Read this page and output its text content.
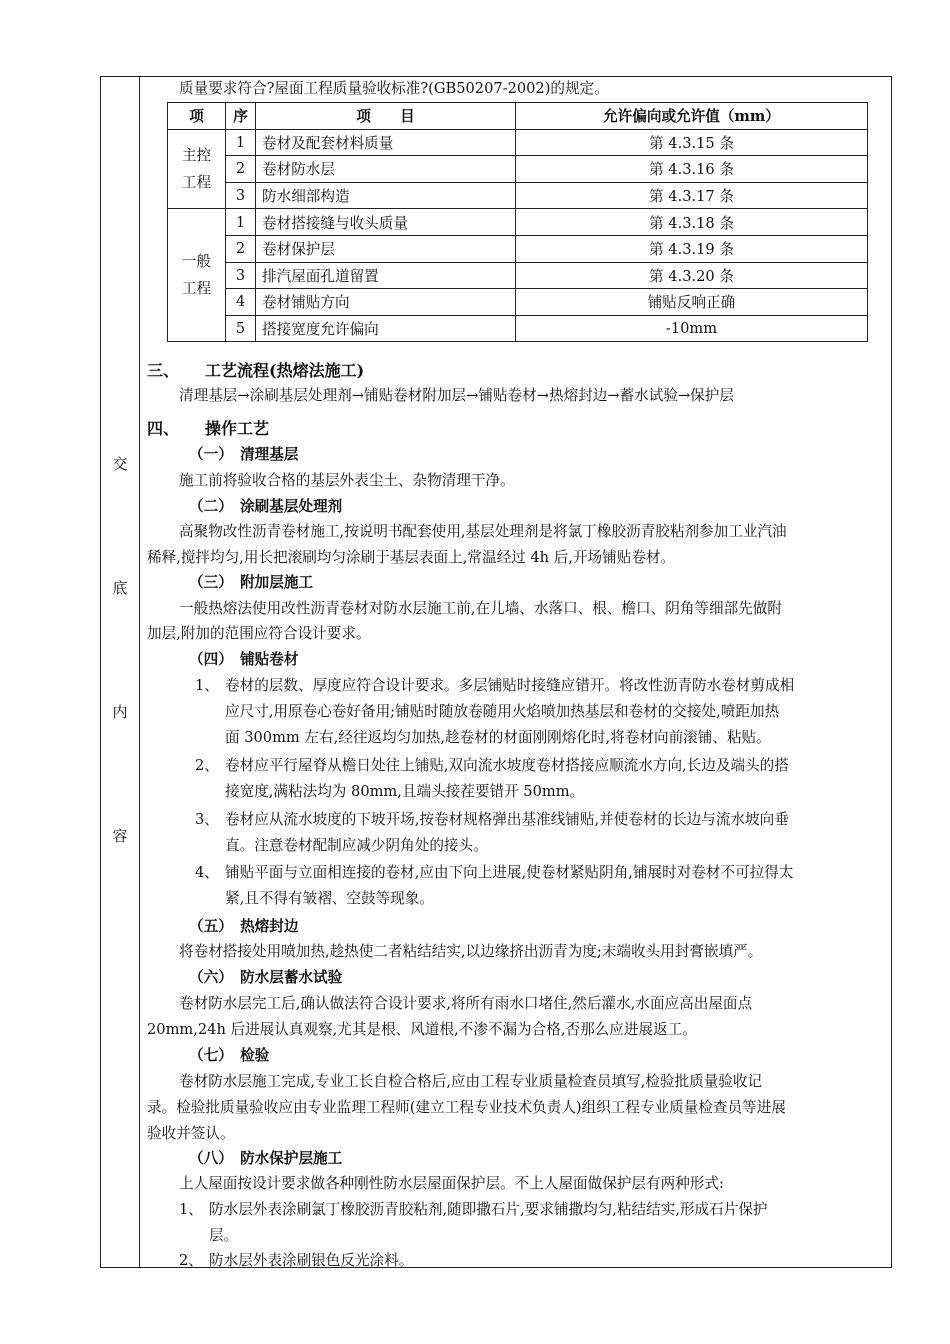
交
底
内
容
质量要求符合?屋面工程质量验收标准?(GB50207-2002)的规定。
项	序	项　　目	允许偏向或允许值（mm）
主控
工程	1	卷材及配套材料质量	第 4.3.15 条
	2	卷材防水层	第 4.3.16 条
	3	防水细部构造	第 4.3.17 条
一般
工程	1	卷材搭接缝与收头质量	第 4.3.18 条
	2	卷材保护层	第 4.3.19 条
	3	排汽屋面孔道留置	第 4.3.20 条
	4	卷材铺贴方向	铺贴反响正确
	5	搭接宽度允许偏向	-10mm
三、 工艺流程(热熔法施工)
清理基层→涂刷基层处理剂→铺贴卷材附加层→铺贴卷材→热熔封边→蓄水试验→保护层
四、 操作工艺
（一）　清理基层
施工前将验收合格的基层外表尘土、杂物清理干净。
（二）　涂刷基层处理剂
高聚物改性沥青卷材施工,按说明书配套使用,基层处理剂是将氯丁橡胶沥青胶粘剂参加工业汽油
稀释,搅拌均匀,用长把滚刷均匀涂刷于基层表面上,常温经过 4h 后,开场铺贴卷材。
（三）　附加层施工
一般热熔法使用改性沥青卷材对防水层施工前,在儿墙、水落口、根、檐口、阴角等细部先做附
加层,附加的范围应符合设计要求。
（四）　铺贴卷材
1、 卷材的层数、厚度应符合设计要求。多层铺贴时接缝应错开。将改性沥青防水卷材剪成相
应尺寸,用原卷心卷好备用;铺贴时随放卷随用火焰喷加热基层和卷材的交接处,喷距加热
面 300mm 左右,经往返均匀加热,趁卷材的材面刚刚熔化时,将卷材向前滚铺、粘贴。
2、 卷材应平行屋脊从檐日处往上铺贴,双向流水坡度卷材搭接应顺流水方向,长边及端头的搭
接宽度,满粘法均为 80mm,且端头接茬要错开 50mm。
3、 卷材应从流水坡度的下坡开场,按卷材规格弹出基准线铺贴,并使卷材的长边与流水坡向垂
直。注意卷材配制应减少阴角处的接头。
4、 铺贴平面与立面相连接的卷材,应由下向上进展,使卷材紧贴阴角,铺展时对卷材不可拉得太
紧,且不得有皱褶、空鼓等现象。
（五）　热熔封边
将卷材搭接处用喷加热,趁热使二者粘结结实,以边缘挤出沥青为度;末端收头用封膏嵌填严。
（六）　防水层蓄水试验
卷材防水层完工后,确认做法符合设计要求,将所有雨水口堵住,然后灌水,水面应高出屋面点
20mm,24h 后进展认真观察,尤其是根、风道根,不渗不漏为合格,否那么应进展返工。
（七）　检验
卷材防水层施工完成,专业工长自检合格后,应由工程专业质量检查员填写,检验批质量验收记
录。检验批质量验收应由专业监理工程师(建立工程专业技术负责人)组织工程专业质量检查员等进展
验收并签认。
（八）　防水保护层施工
上人屋面按设计要求做各种刚性防水层屋面保护层。不上人屋面做保护层有两种形式:
1、 防水层外表涂刷氯丁橡胶沥青胶粘剂,随即撒石片,要求铺撒均匀,粘结结实,形成石片保护
层。
2、 防水层外表涂刷银色反光涂料。
